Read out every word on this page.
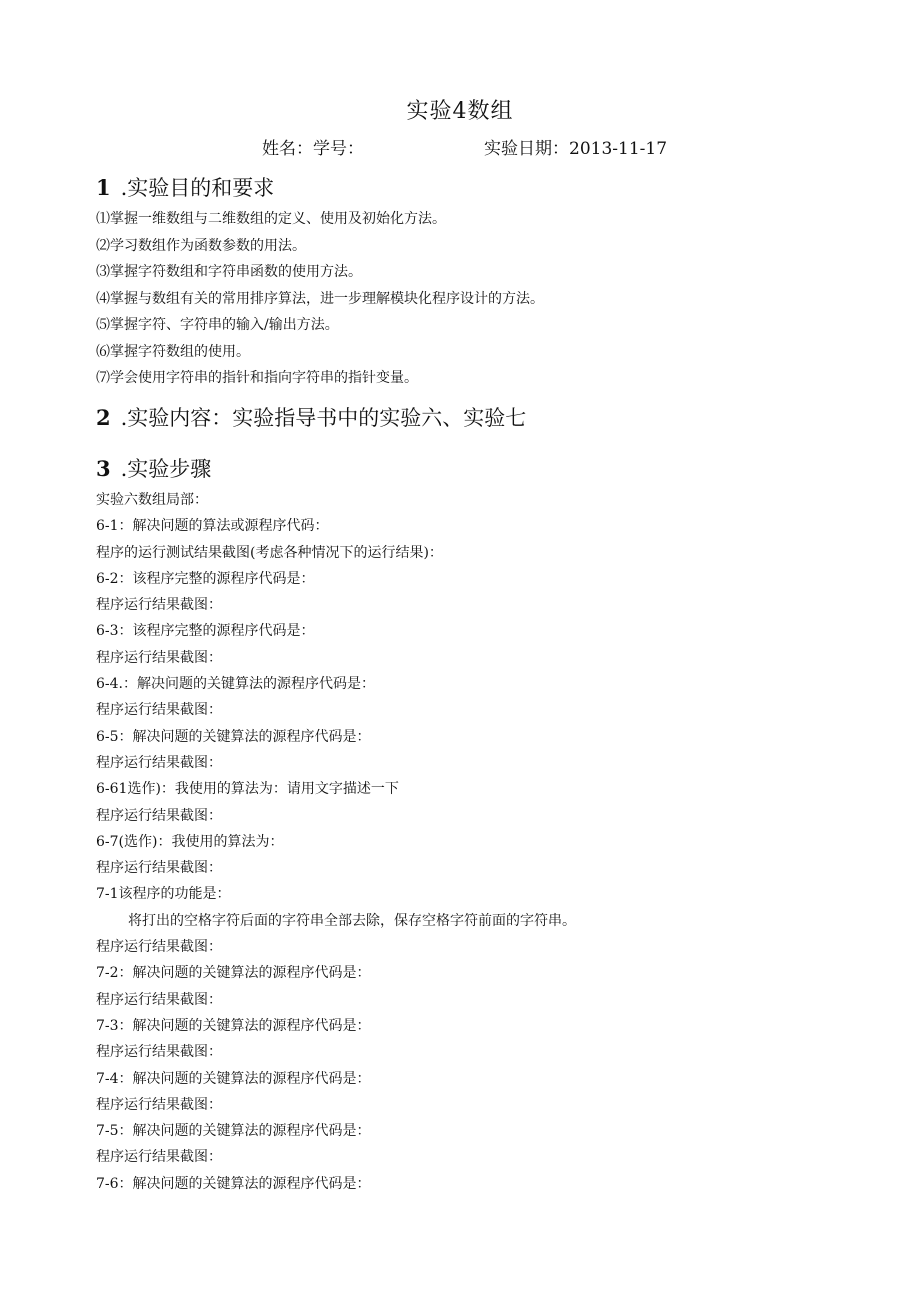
实验4数组
姓名：学号：	实验日期：2013-11-17
1 .实验目的和要求
⑴掌握一维数组与二维数组的定义、使用及初始化方法。
⑵学习数组作为函数参数的用法。
⑶掌握字符数组和字符串函数的使用方法。
⑷掌握与数组有关的常用排序算法，进一步理解模块化程序设计的方法。
⑸掌握字符、字符串的输入/输出方法。
⑹掌握字符数组的使用。
⑺学会使用字符串的指针和指向字符串的指针变量。
2 .实验内容：实验指导书中的实验六、实验七
3 .实验步骤
实验六数组局部：
6-1：解决问题的算法或源程序代码：
程序的运行测试结果截图(考虑各种情况下的运行结果)：
6-2：该程序完整的源程序代码是：
程序运行结果截图：
6-3：该程序完整的源程序代码是：
程序运行结果截图：
6-4.：解决问题的关键算法的源程序代码是：
程序运行结果截图：
6-5：解决问题的关键算法的源程序代码是：
程序运行结果截图：
6-61选作)：我使用的算法为：请用文字描述一下
程序运行结果截图：
6-7(选作)：我使用的算法为：
程序运行结果截图：
7-1该程序的功能是：
将打出的空格字符后面的字符串全部去除，保存空格字符前面的字符串。
程序运行结果截图：
7-2：解决问题的关键算法的源程序代码是：
程序运行结果截图：
7-3：解决问题的关键算法的源程序代码是：
程序运行结果截图：
7-4：解决问题的关键算法的源程序代码是：
程序运行结果截图：
7-5：解决问题的关键算法的源程序代码是：
程序运行结果截图：
7-6：解决问题的关键算法的源程序代码是：
